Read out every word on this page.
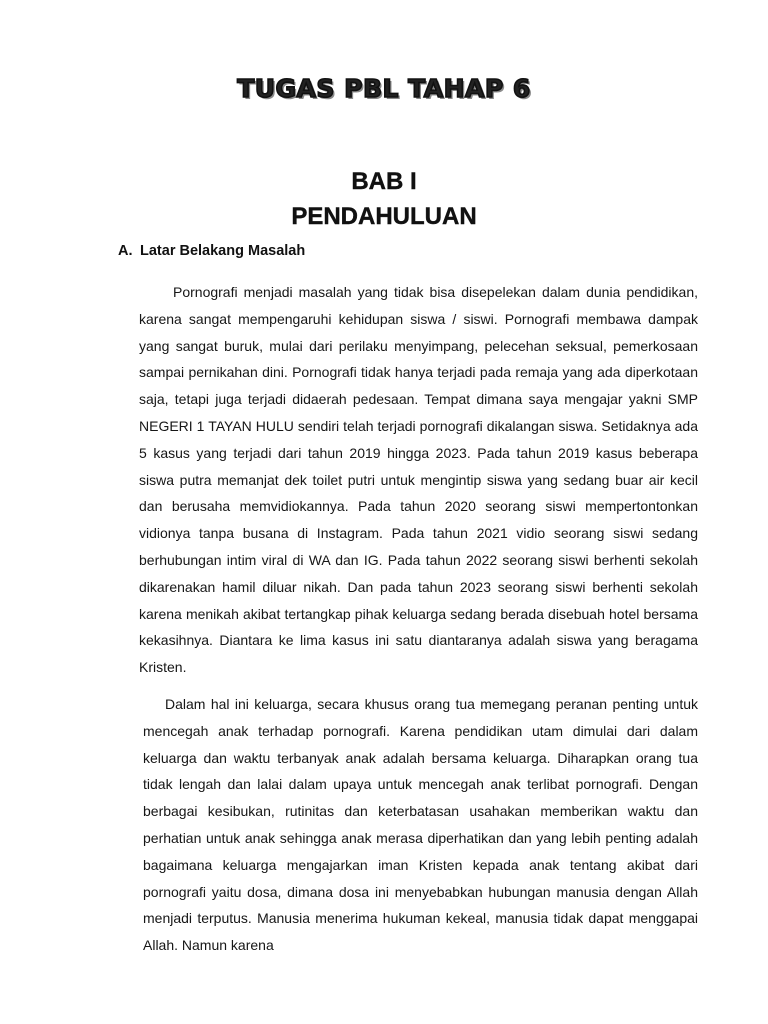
TUGAS PBL TAHAP 6
BAB I
PENDAHULUAN
A. Latar Belakang Masalah

Pornografi menjadi masalah yang tidak bisa disepelekan dalam dunia pendidikan, karena sangat mempengaruhi kehidupan siswa / siswi. Pornografi membawa dampak yang sangat buruk, mulai dari perilaku menyimpang, pelecehan seksual, pemerkosaan sampai pernikahan dini. Pornografi tidak hanya terjadi pada remaja yang ada diperkotaan saja, tetapi juga terjadi didaerah pedesaan. Tempat dimana saya mengajar yakni SMP NEGERI 1 TAYAN HULU sendiri telah terjadi pornografi dikalangan siswa. Setidaknya ada 5 kasus yang terjadi dari tahun 2019 hingga 2023. Pada tahun 2019 kasus beberapa siswa putra memanjat dek toilet putri untuk mengintip siswa yang sedang buar air kecil dan berusaha memvidiokannya. Pada tahun 2020 seorang siswi mempertontonkan vidionya tanpa busana di Instagram. Pada tahun 2021 vidio seorang siswi sedang berhubungan intim viral di WA dan IG. Pada tahun 2022 seorang siswi berhenti sekolah dikarenakan hamil diluar nikah. Dan pada tahun 2023 seorang siswi berhenti sekolah karena menikah akibat tertangkap pihak keluarga sedang berada disebuah hotel bersama kekasihnya. Diantara ke lima kasus ini satu diantaranya adalah siswa yang beragama Kristen.

Dalam hal ini keluarga, secara khusus orang tua memegang peranan penting untuk mencegah anak terhadap pornografi. Karena pendidikan utam dimulai dari dalam keluarga dan waktu terbanyak anak adalah bersama keluarga. Diharapkan orang tua tidak lengah dan lalai dalam upaya untuk mencegah anak terlibat pornografi. Dengan berbagai kesibukan, rutinitas dan keterbatasan usahakan memberikan waktu dan perhatian untuk anak sehingga anak merasa diperhatikan dan yang lebih penting adalah bagaimana keluarga mengajarkan iman Kristen kepada anak tentang akibat dari pornografi yaitu dosa, dimana dosa ini menyebabkan hubungan manusia dengan Allah menjadi terputus. Manusia menerima hukuman kekeal, manusia tidak dapat menggapai Allah. Namun karena
